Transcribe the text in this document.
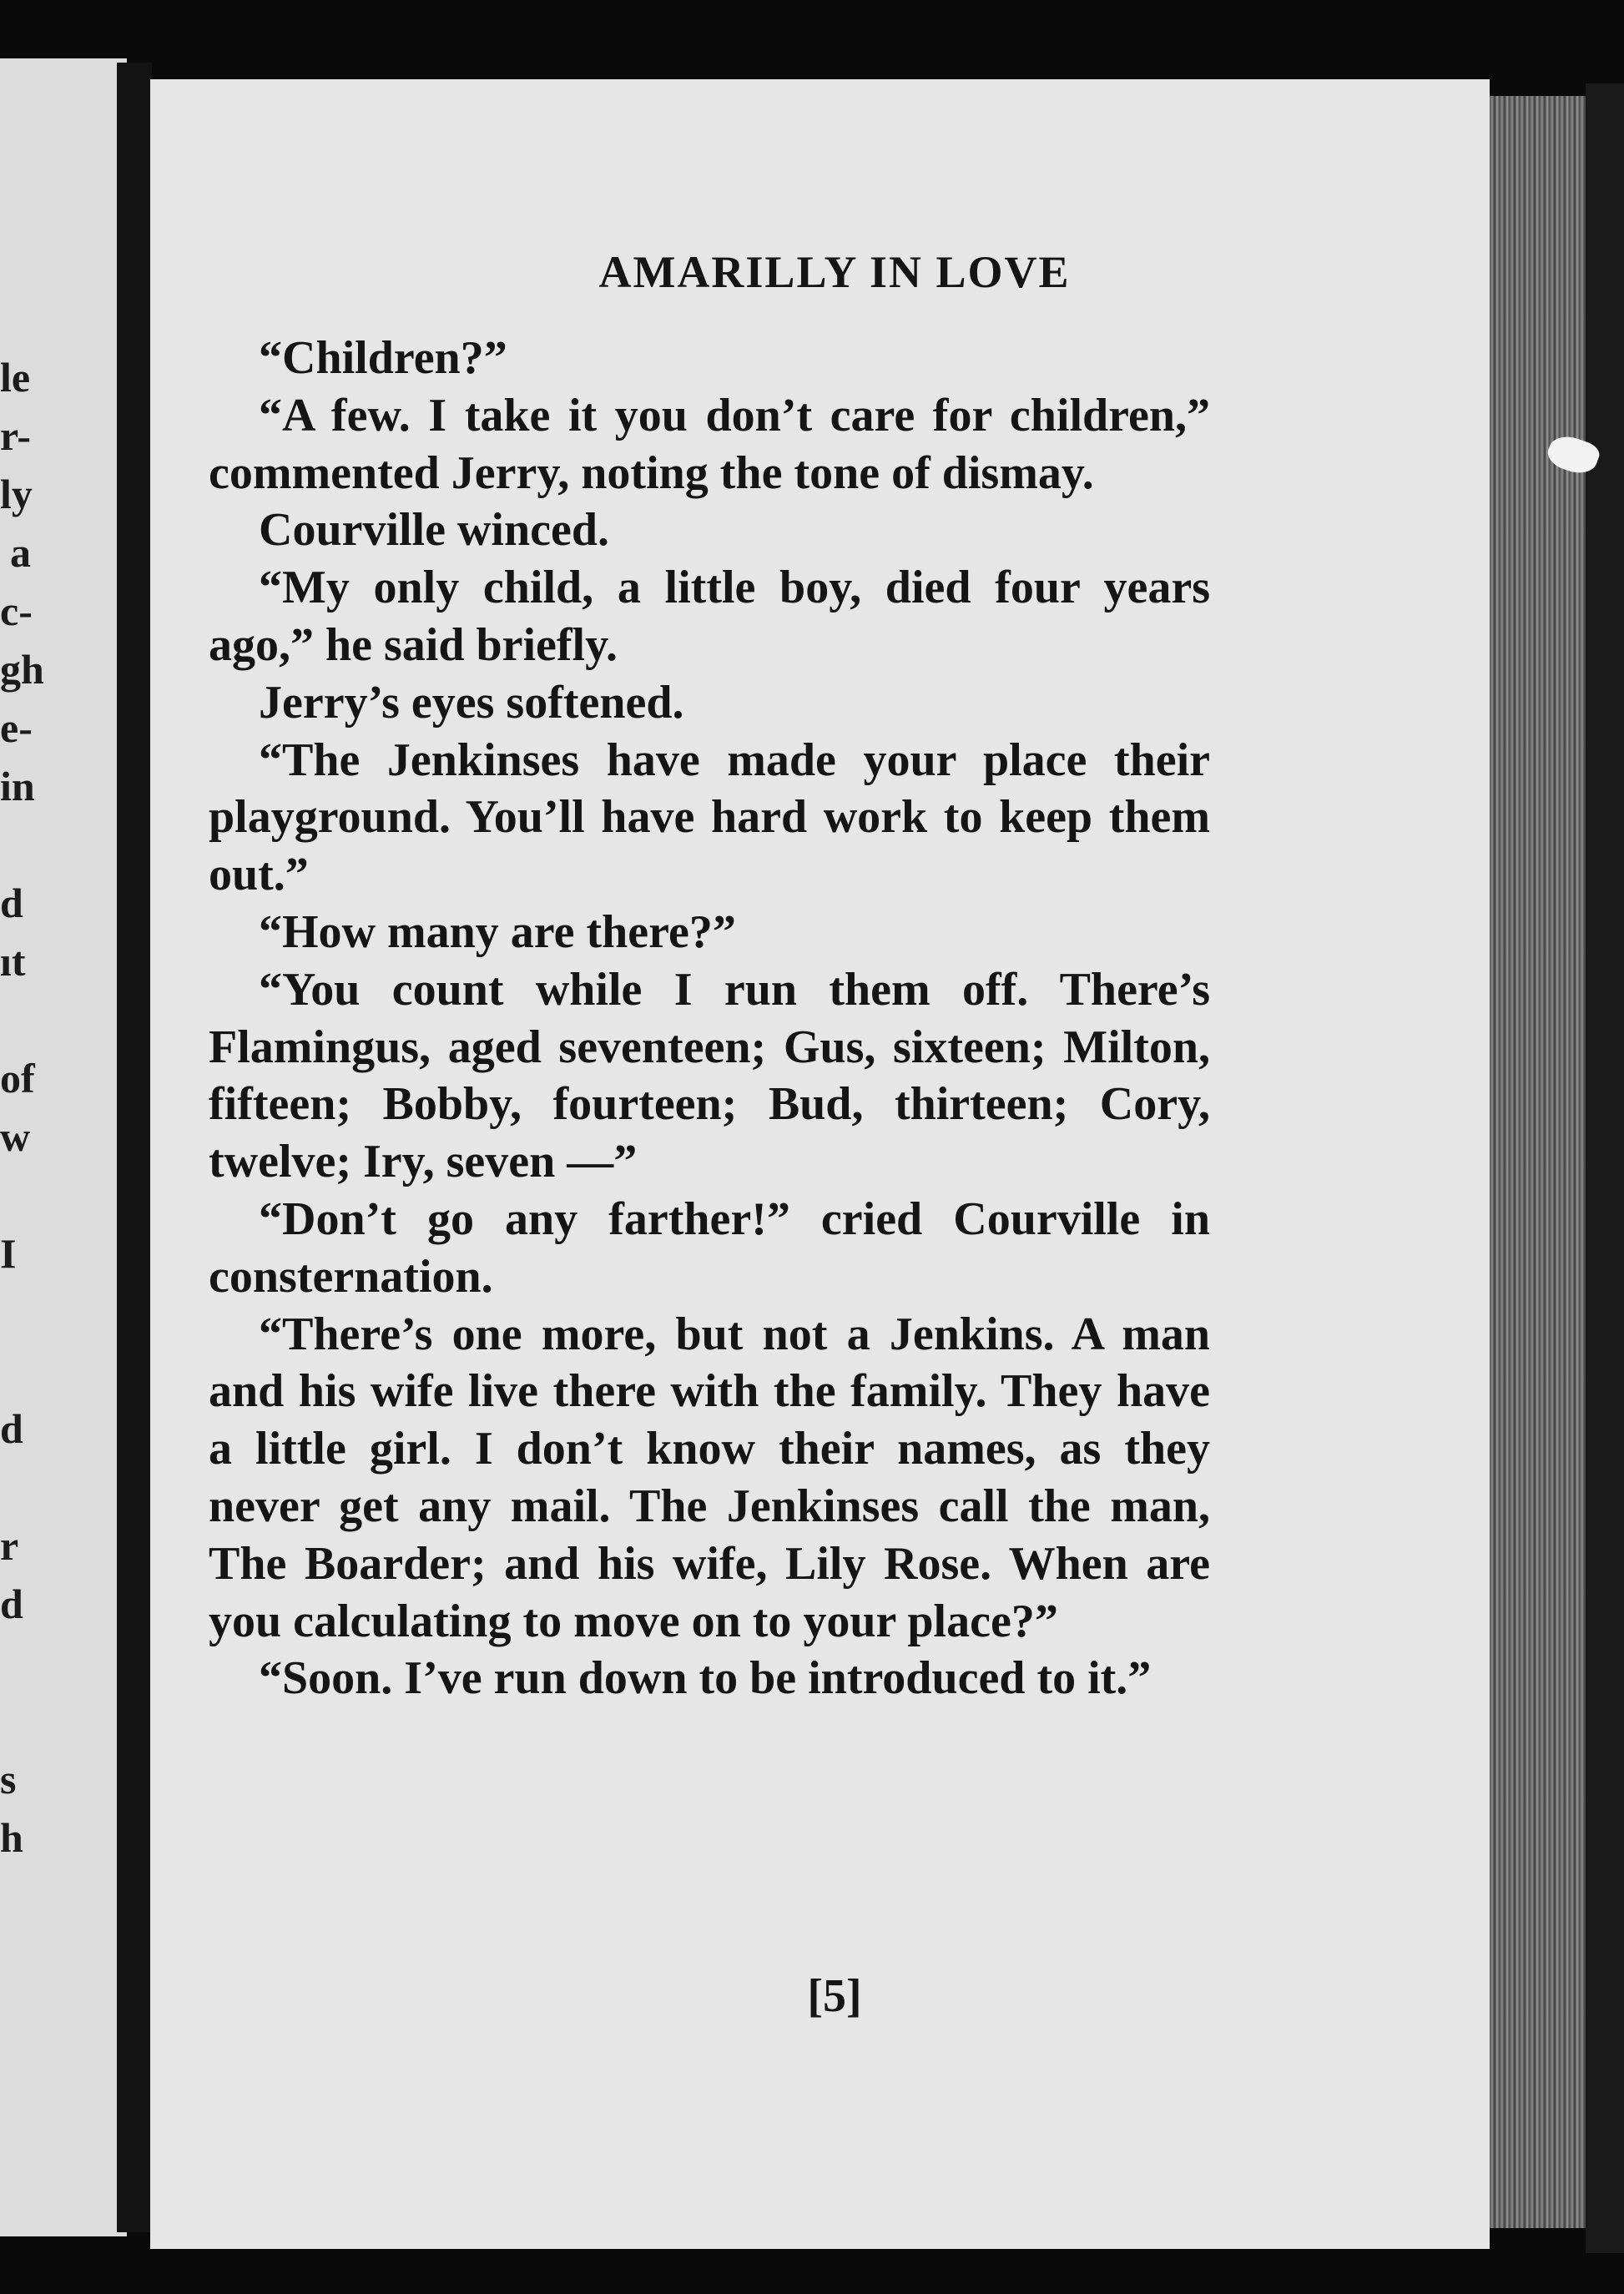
le
r-
ly
a
c-
gh
e-
in
d
ıt
of
w
I
d
r
d
s
h
AMARILLY IN LOVE

“Children?”

“A few. I take it you don’t care for children,” commented Jerry, noting the tone of dismay.

Courville winced.

“My only child, a little boy, died four years ago,” he said briefly.

Jerry’s eyes softened.

“The Jenkinses have made your place their playground. You’ll have hard work to keep them out.”

“How many are there?”

“You count while I run them off. There’s Flamingus, aged seventeen; Gus, sixteen; Milton, fifteen; Bobby, fourteen; Bud, thirteen; Cory, twelve; Iry, seven —”

“Don’t go any farther!” cried Courville in consternation.

“There’s one more, but not a Jenkins. A man and his wife live there with the family. They have a little girl. I don’t know their names, as they never get any mail. The Jenkinses call the man, The Boarder; and his wife, Lily Rose. When are you calculating to move on to your place?”

“Soon. I’ve run down to be introduced to it.”

[5]
